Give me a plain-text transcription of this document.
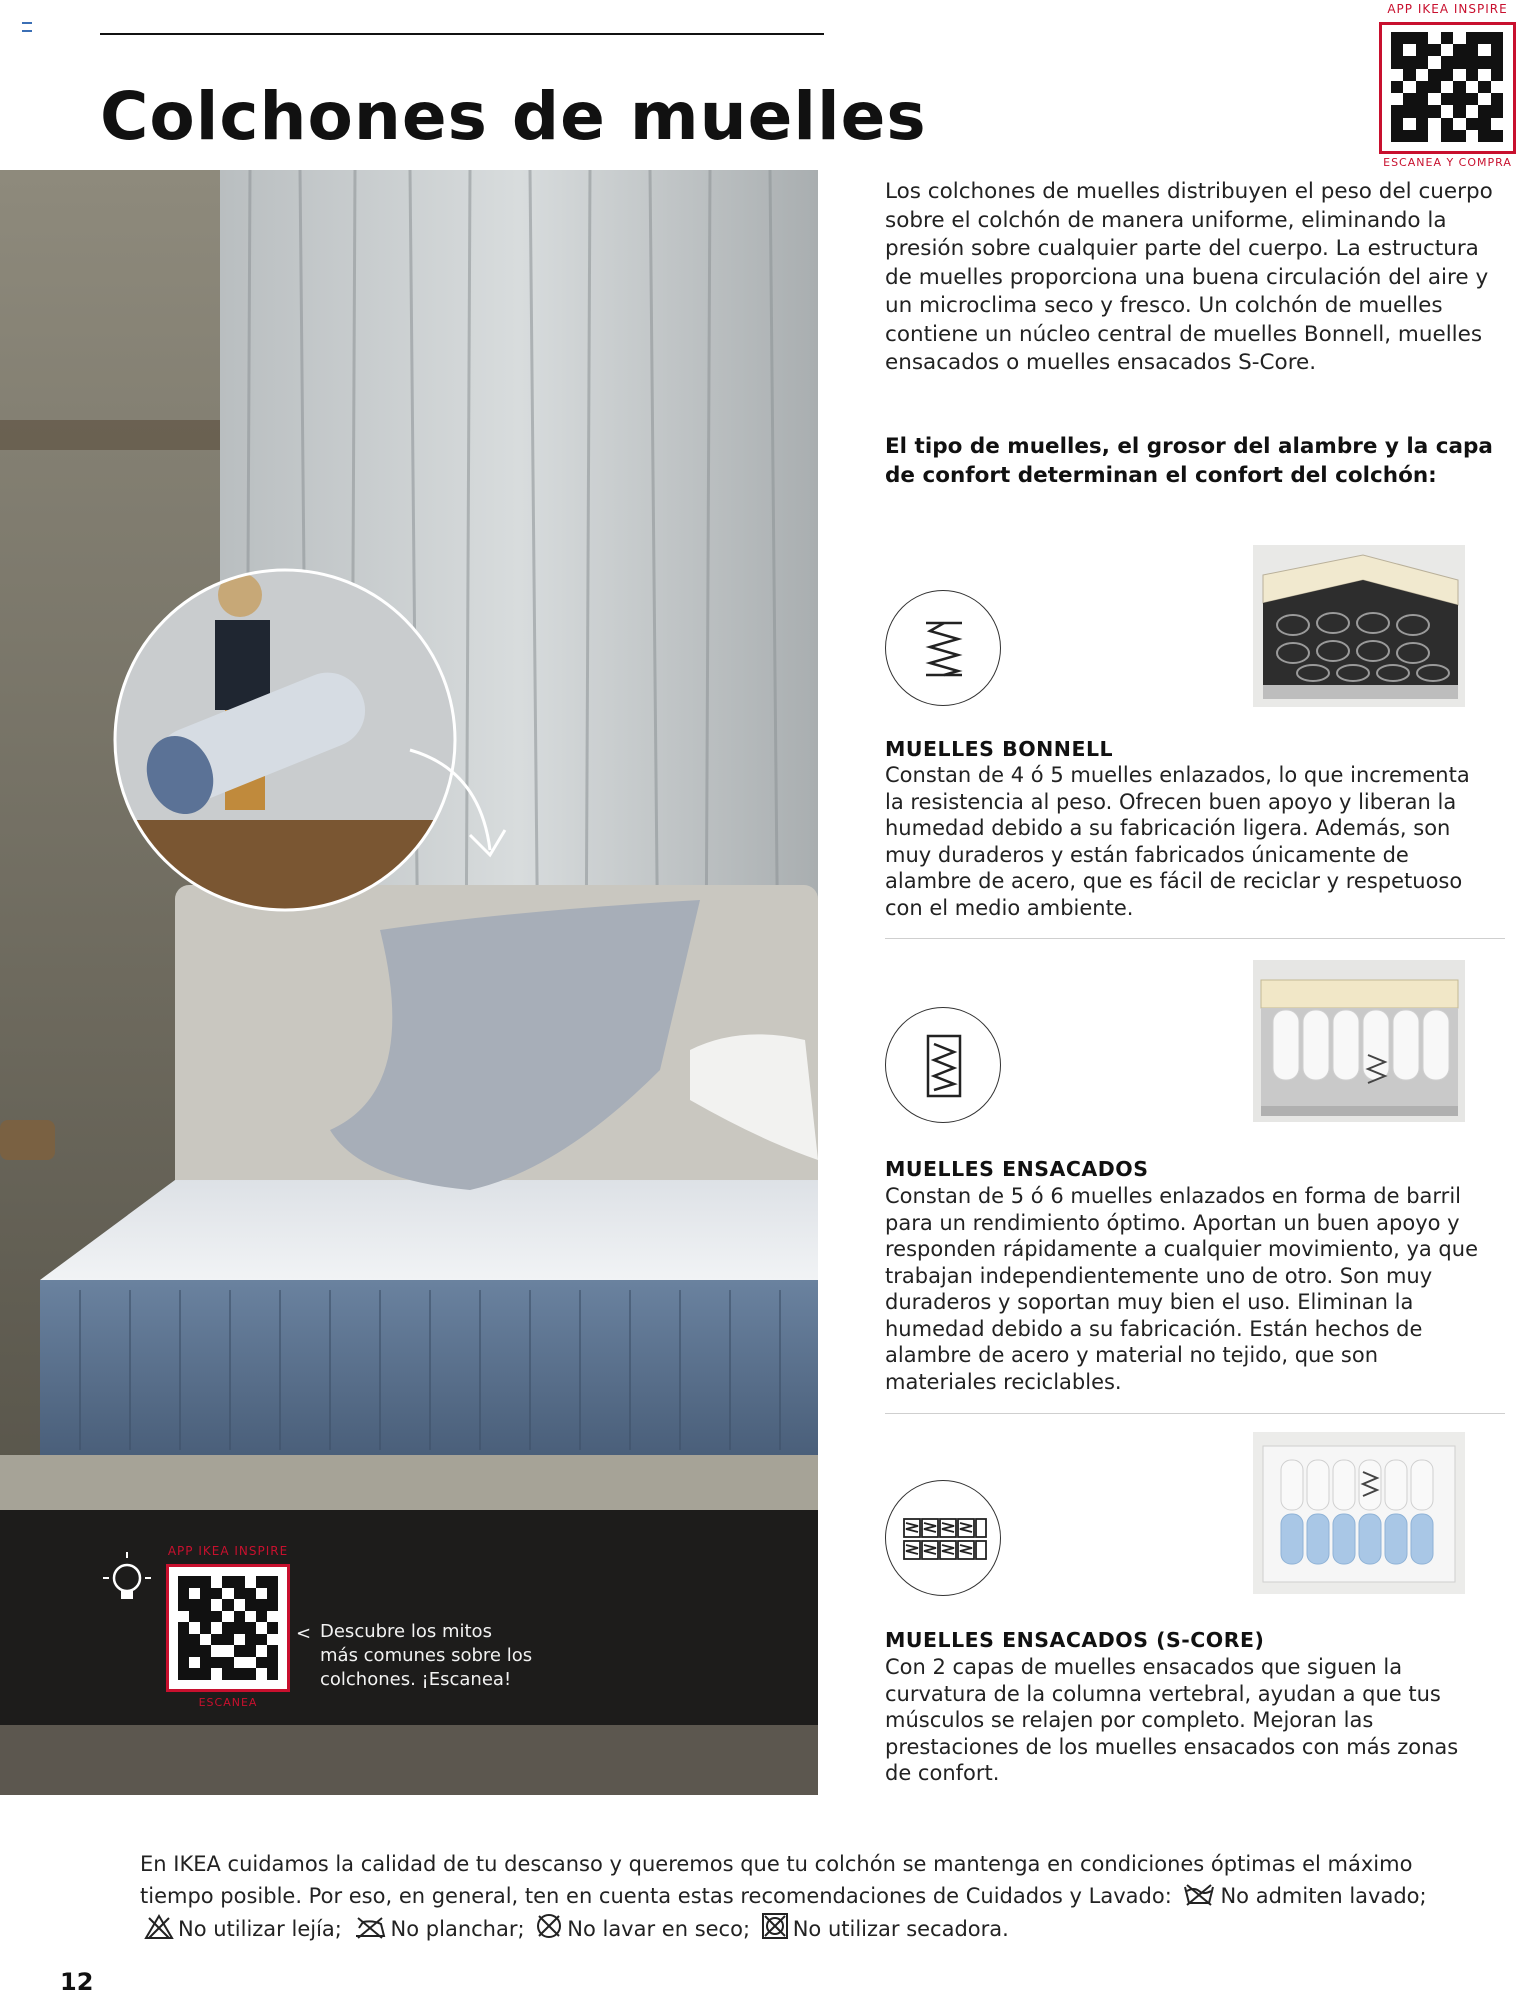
Colchones de muelles
APP IKEA INSPIRE
ESCANEA Y COMPRA
APP IKEA INSPIRE
ESCANEA
< Descubre los mitos
más comunes sobre los
colchones. ¡Escanea!
Los colchones de muelles distribuyen el peso del cuerpo sobre el colchón de manera uniforme, eliminando la presión sobre cualquier parte del cuerpo. La estructura de muelles proporciona una buena circulación del aire y un microclima seco y fresco. Un colchón de muelles contiene un núcleo central de muelles Bonnell, muelles ensacados o muelles ensacados S-Core.
El tipo de muelles, el grosor del alambre y la capa de confort determinan el confort del colchón:
MUELLES BONNELL
Constan de 4 ó 5 muelles enlazados, lo que incrementa la resistencia al peso. Ofrecen buen apoyo y liberan la humedad debido a su fabricación ligera. Además, son muy duraderos y están fabricados únicamente de alambre de acero, que es fácil de reciclar y respetuoso con el medio ambiente.
MUELLES ENSACADOS
Constan de 5 ó 6 muelles enlazados en forma de barril para un rendimiento óptimo. Aportan un buen apoyo y responden rápidamente a cualquier movimiento, ya que trabajan independientemente uno de otro. Son muy duraderos y soportan muy bien el uso. Eliminan la humedad debido a su fabricación. Están hechos de alambre de acero y material no tejido, que son materiales reciclables.
MUELLES ENSACADOS (S-CORE)
Con 2 capas de muelles ensacados que siguen la curvatura de la columna vertebral, ayudan a que tus músculos se relajen por completo. Mejoran las prestaciones de los muelles ensacados con más zonas de confort.
En IKEA cuidamos la calidad de tu descanso y queremos que tu colchón se mantenga en condiciones óptimas el máximo tiempo posible. Por eso, en general, ten en cuenta estas recomendaciones de Cuidados y Lavado: No admiten lavado; No utilizar lejía; No planchar; No lavar en seco; No utilizar secadora.
12
